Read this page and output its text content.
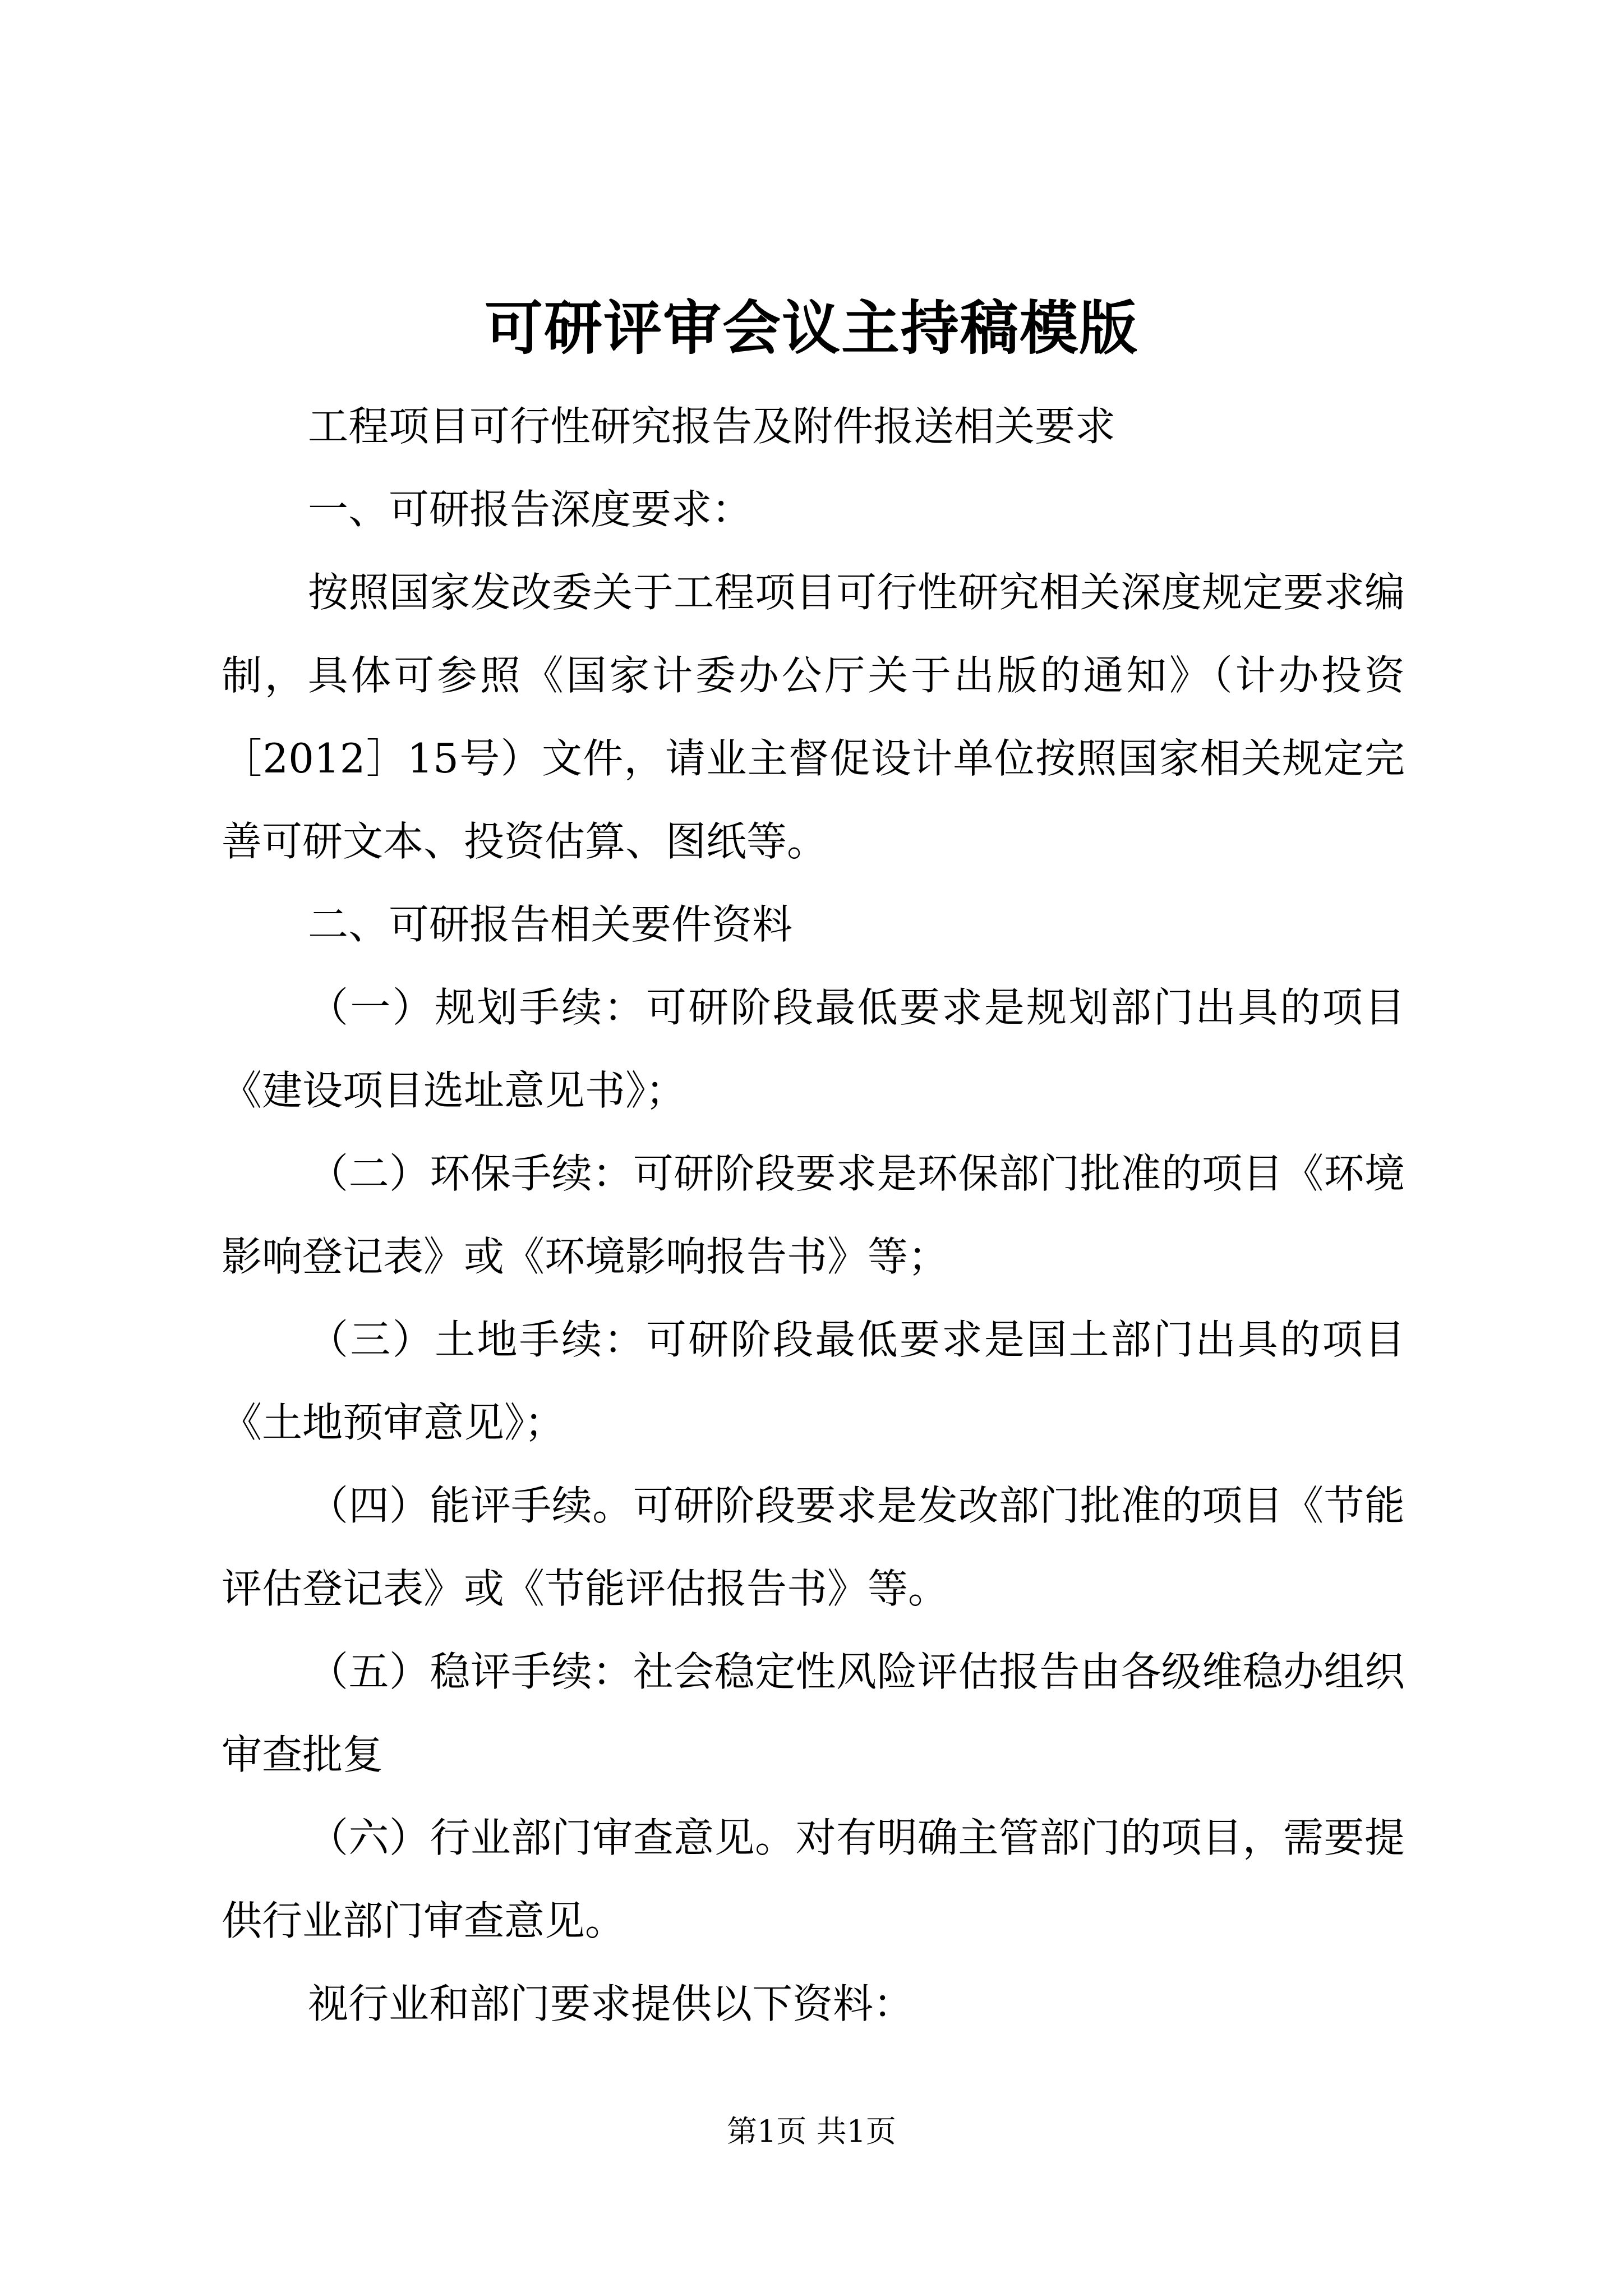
可研评审会议主持稿模版

工程项目可行性研究报告及附件报送相关要求

一、可研报告深度要求：

按照国家发改委关于工程项目可行性研究相关深度规定要求编制，具体可参照《国家计委办公厅关于出版的通知》（计办投资［2012］15号）文件，请业主督促设计单位按照国家相关规定完善可研文本、投资估算、图纸等。

二、可研报告相关要件资料

（一）规划手续：可研阶段最低要求是规划部门出具的项目《建设项目选址意见书》；

（二）环保手续：可研阶段要求是环保部门批准的项目《环境影响登记表》或《环境影响报告书》等；

（三）土地手续：可研阶段最低要求是国土部门出具的项目《土地预审意见》；

（四）能评手续。可研阶段要求是发改部门批准的项目《节能评估登记表》或《节能评估报告书》等。

（五）稳评手续：社会稳定性风险评估报告由各级维稳办组织审查批复

（六）行业部门审查意见。对有明确主管部门的项目，需要提供行业部门审查意见。

视行业和部门要求提供以下资料：

第1页 共1页
